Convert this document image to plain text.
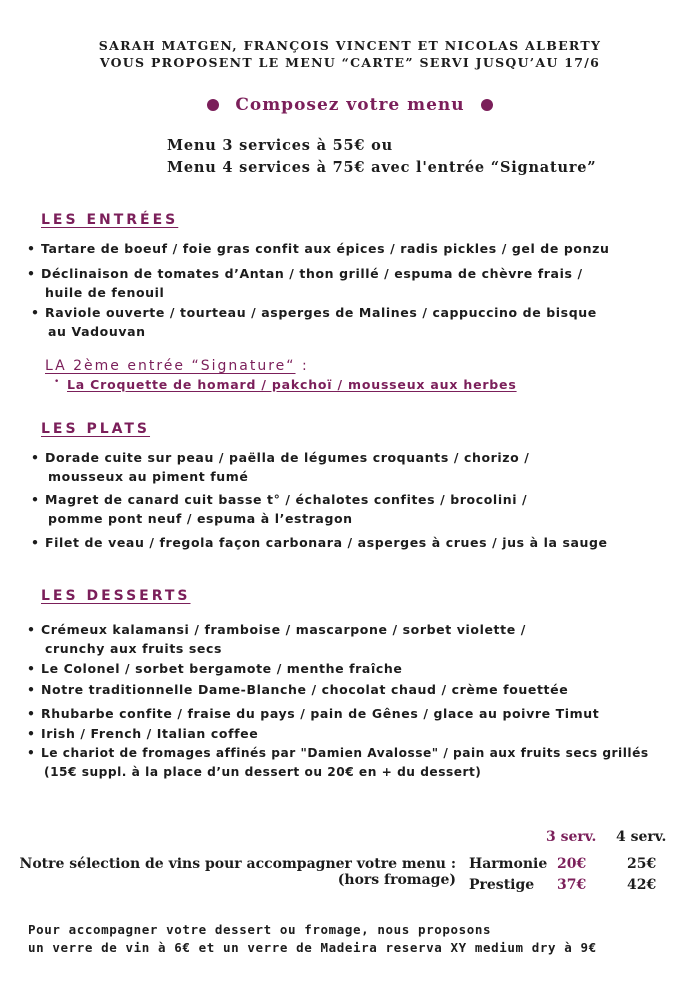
SARAH MATGEN, FRANÇOIS VINCENT ET NICOLAS ALBERTY
VOUS PROPOSENT LE MENU “CARTE” SERVI JUSQU’AU 17/6
Composez votre menu
Menu 3 services à 55€ ou
Menu 4 services à 75€ avec l'entrée “Signature”
LES ENTRÉES
• Tartare de boeuf / foie gras confit aux épices / radis pickles / gel de ponzu
• Déclinaison de tomates d’Antan / thon grillé / espuma de chèvre frais /
huile de fenouil
• Raviole ouverte / tourteau / asperges de Malines / cappuccino de bisque
au Vadouvan
LA 2ème entrée “Signature“ :
• La Croquette de homard / pakchoï / mousseux aux herbes
LES PLATS
• Dorade cuite sur peau / paëlla de légumes croquants / chorizo /
mousseux au piment fumé
• Magret de canard cuit basse t° / échalotes confites / brocolini /
pomme pont neuf / espuma à l’estragon
• Filet de veau / fregola façon carbonara / asperges à crues / jus à la sauge
LES DESSERTS
• Crémeux kalamansi / framboise / mascarpone / sorbet violette /
crunchy aux fruits secs
• Le Colonel / sorbet bergamote / menthe fraîche
• Notre traditionnelle Dame-Blanche / chocolat chaud / crème fouettée
• Rhubarbe confite / fraise du pays / pain de Gênes / glace au poivre Timut
• Irish / French / Italian coffee
• Le chariot de fromages affinés par "Damien Avalosse" / pain aux fruits secs grillés
(15€ suppl. à la place d’un dessert ou 20€ en + du dessert)
3 serv. 4 serv.
Notre sélection de vins pour accompagner votre menu :
(hors fromage)
Harmonie 20€	25€
Prestige 37€	42€
Pour accompagner votre dessert ou fromage, nous proposons
un verre de vin à 6€ et un verre de Madeira reserva XY medium dry à 9€
